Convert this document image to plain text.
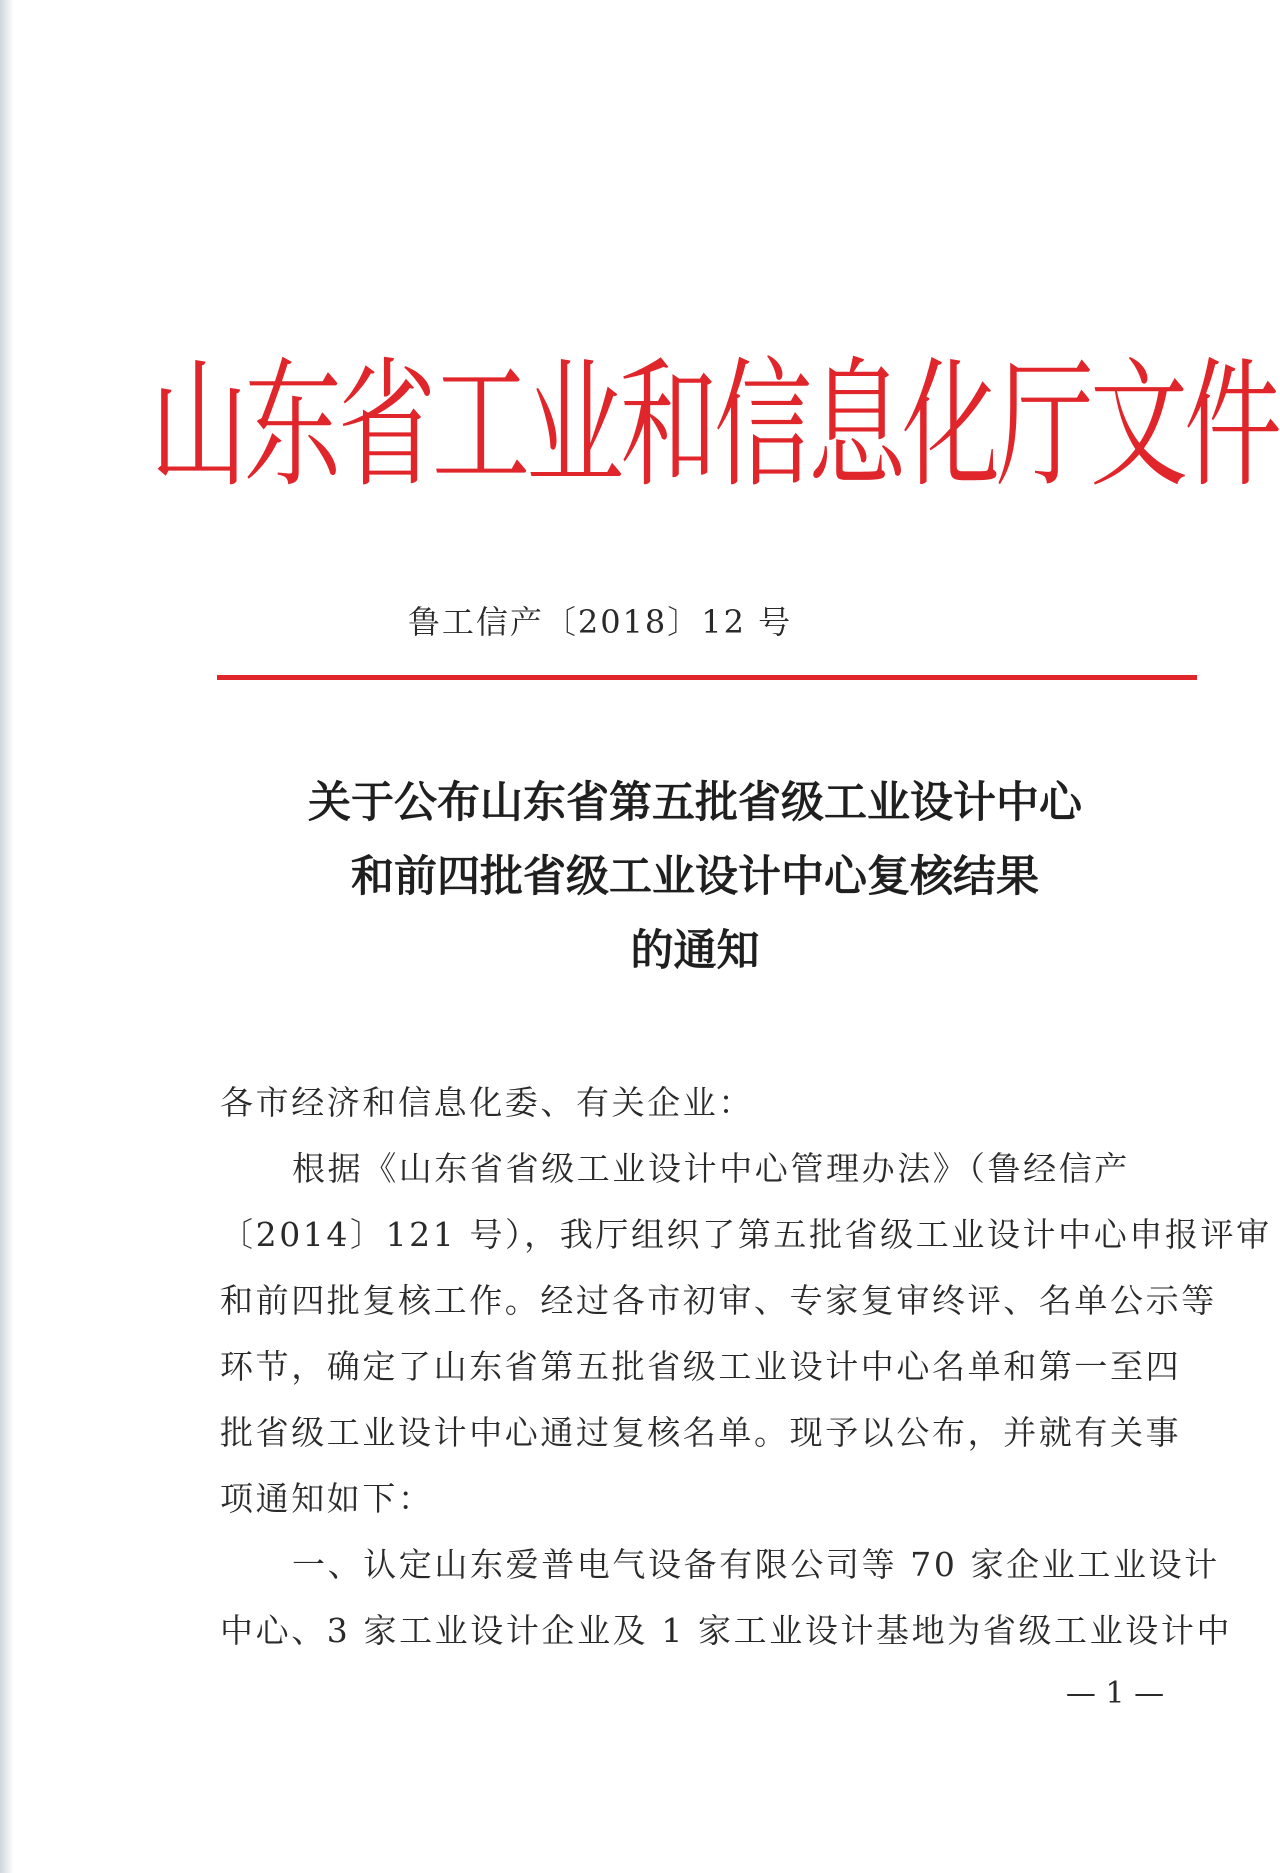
山东省工业和信息化厅文件
鲁工信产〔2018〕12 号
关于公布山东省第五批省级工业设计中心
和前四批省级工业设计中心复核结果
的通知
各市经济和信息化委、有关企业：
根据《山东省省级工业设计中心管理办法》（鲁经信产
〔2014〕121 号），我厅组织了第五批省级工业设计中心申报评审
和前四批复核工作。经过各市初审、专家复审终评、名单公示等
环节，确定了山东省第五批省级工业设计中心名单和第一至四
批省级工业设计中心通过复核名单。现予以公布，并就有关事
项通知如下：
一、认定山东爱普电气设备有限公司等 70 家企业工业设计
中心、3 家工业设计企业及 1 家工业设计基地为省级工业设计中
— 1 —
